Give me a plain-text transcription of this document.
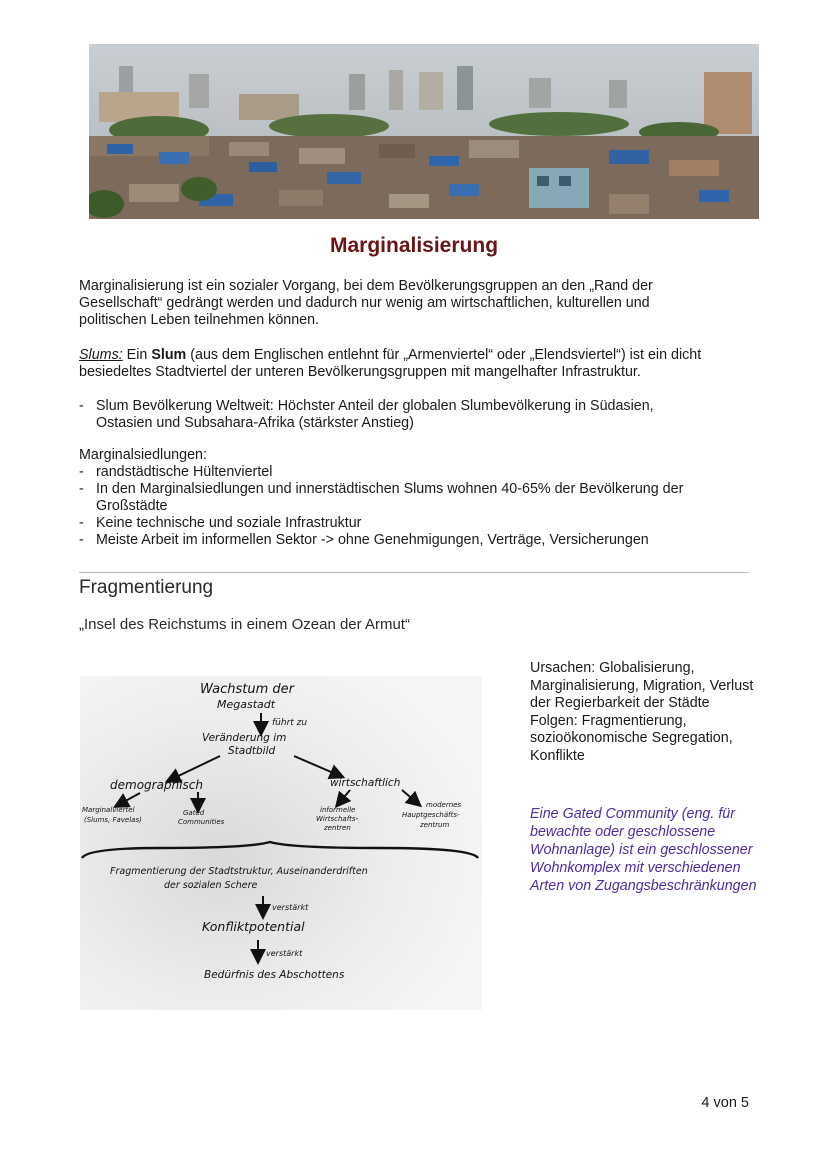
Marginalisierung
Marginalisierung ist ein sozialer Vorgang, bei dem Bevölkerungsgruppen an den „Rand der
Gesellschaft“ gedrängt werden und dadurch nur wenig am wirtschaftlichen, kulturellen und
politischen Leben teilnehmen können.
Slums: Ein Slum (aus dem Englischen entlehnt für „Armenviertel“ oder „Elendsviertel“) ist ein dicht
besiedeltes Stadtviertel der unteren Bevölkerungsgruppen mit mangelhafter Infrastruktur.
- Slum Bevölkerung Weltweit: Höchster Anteil der globalen Slumbevölkerung in Südasien,
Ostasien und Subsahara-Afrika (stärkster Anstieg)
Marginalsiedlungen:
- randstädtische Hültenviertel
- In den Marginalsiedlungen und innerstädtischen Slums wohnen 40-65% der Bevölkerung der
Großstädte
- Keine technische und soziale Infrastruktur
- Meiste Arbeit im informellen Sektor -> ohne Genehmigungen, Verträge, Versicherungen
Fragmentierung
„Insel des Reichstums in einem Ozean der Armut“
Wachstum der
Megastadt
führt zu
Veränderung im
Stadtbild
demographisch	wirtschaftlich
Marginalviertel
(Slums, Favelas)
Gated
Communities
informelle
Wirtschafts-
zentren
modernes
Hauptgeschäfts-
zentrum
Fragmentierung der Stadtstruktur, Auseinanderdriften
der sozialen Schere
verstärkt
Konfliktpotential
verstärkt
Bedürfnis des Abschottens
Ursachen: Globalisierung,
Marginalisierung, Migration, Verlust
der Regierbarkeit der Städte
Folgen: Fragmentierung,
sozioökonomische Segregation,
Konflikte
Eine Gated Community (eng. für
bewachte oder geschlossene
Wohnanlage) ist ein geschlossener
Wohnkomplex mit verschiedenen
Arten von Zugangsbeschränkungen
4 von 5
